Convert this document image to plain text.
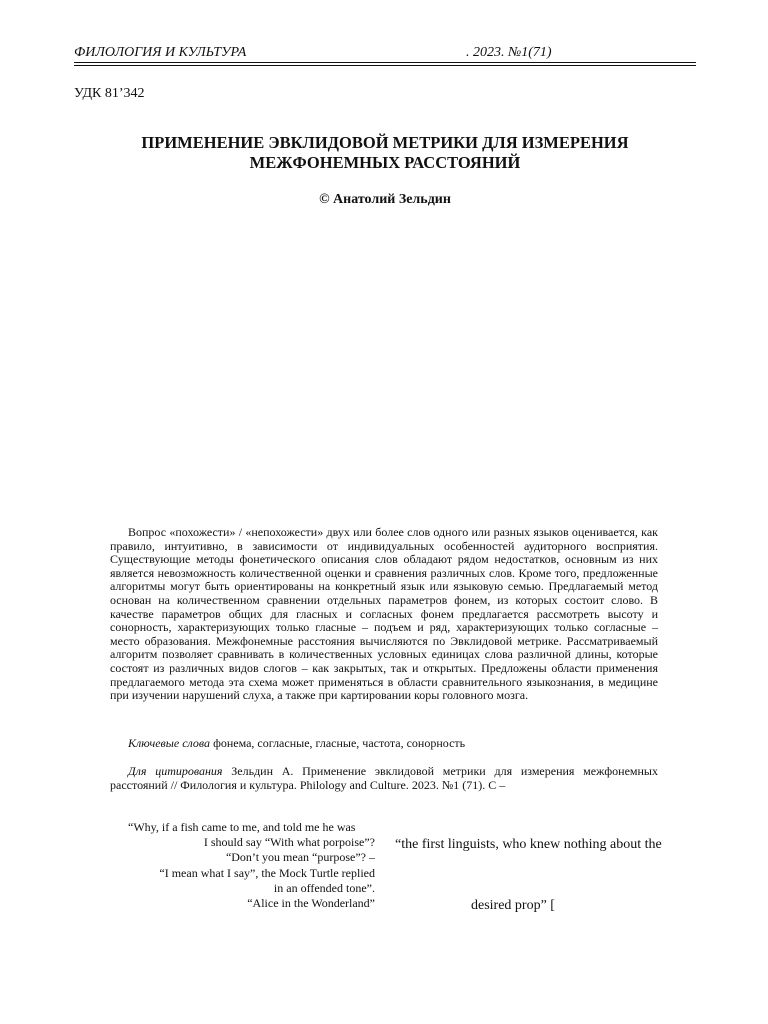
ФИЛОЛОГИЯ И КУЛЬТУРА	. 2023. №1(71)
УДК 81’342
ПРИМЕНЕНИЕ ЭВКЛИДОВОЙ МЕТРИКИ ДЛЯ ИЗМЕРЕНИЯ
МЕЖФОНЕМНЫХ РАССТОЯНИЙ
© Анатолий Зельдин
Вопрос «похожести» / «непохожести» двух или более слов одного или разных языков оценивается, как правило, интуитивно, в зависимости от индивидуальных особенностей аудиторного восприятия. Существующие методы фонетического описания слов обладают рядом недостатков, основным из них является невозможность количественной оценки и сравнения различных слов. Кроме того, предложенные алгоритмы могут быть ориентированы на конкретный язык или языковую семью. Предлагаемый метод основан на количественном сравнении отдельных параметров фонем, из которых состоит слово. В качестве параметров общих для гласных и согласных фонем предлагается рассмотреть высоту и сонорность, характеризующих только гласные – подъем и ряд, характеризующих только согласные – место образования. Межфонемные расстояния вычисляются по Эвклидовой метрике. Рассматриваемый алгоритм позволяет сравнивать в количественных условных единицах слова различной длины, которые состоят из различных видов слогов – как закрытых, так и открытых. Предложены области применения предлагаемого метода эта схема может применяться в области сравнительного языкознания, в медицине при изучении нарушений слуха, а также при картировании коры головного мозга.
Ключевые слова фонема, согласные, гласные, частота, сонорность
Для цитирования Зельдин А. Применение эвклидовой метрики для измерения межфонемных расстояний // Филология и культура. Philology and Culture. 2023. №1 (71). С –
“Why, if a fish came to me, and told me he was
I should say “With what porpoise”?
“Don’t you mean “purpose”? –
“I mean what I say”, the Mock Turtle replied
in an offended tone”.
“Alice in the Wonderland”
“the first linguists, who knew nothing about the
desired prop” [
